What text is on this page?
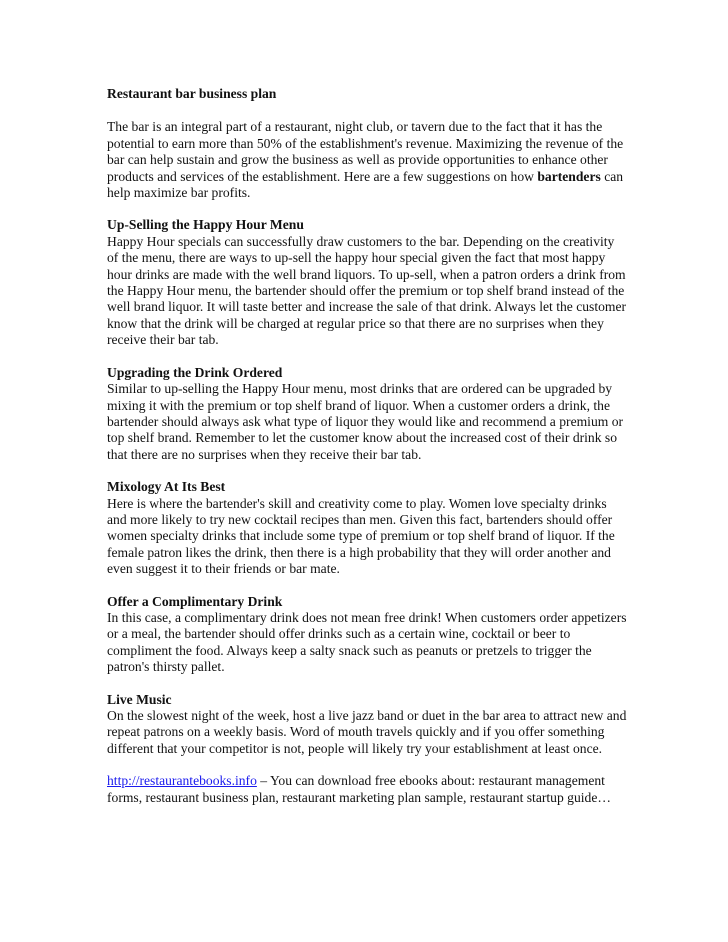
Restaurant bar business plan

The bar is an integral part of a restaurant, night club, or tavern due to the fact that it has the potential to earn more than 50% of the establishment's revenue. Maximizing the revenue of the bar can help sustain and grow the business as well as provide opportunities to enhance other products and services of the establishment. Here are a few suggestions on how bartenders can help maximize bar profits.

Up-Selling the Happy Hour Menu
Happy Hour specials can successfully draw customers to the bar. Depending on the creativity of the menu, there are ways to up-sell the happy hour special given the fact that most happy hour drinks are made with the well brand liquors. To up-sell, when a patron orders a drink from the Happy Hour menu, the bartender should offer the premium or top shelf brand instead of the well brand liquor. It will taste better and increase the sale of that drink. Always let the customer know that the drink will be charged at regular price so that there are no surprises when they receive their bar tab.
Upgrading the Drink Ordered
Similar to up-selling the Happy Hour menu, most drinks that are ordered can be upgraded by mixing it with the premium or top shelf brand of liquor. When a customer orders a drink, the bartender should always ask what type of liquor they would like and recommend a premium or top shelf brand. Remember to let the customer know about the increased cost of their drink so that there are no surprises when they receive their bar tab.
Mixology At Its Best
Here is where the bartender's skill and creativity come to play. Women love specialty drinks and more likely to try new cocktail recipes than men. Given this fact, bartenders should offer women specialty drinks that include some type of premium or top shelf brand of liquor. If the female patron likes the drink, then there is a high probability that they will order another and even suggest it to their friends or bar mate.
Offer a Complimentary Drink
In this case, a complimentary drink does not mean free drink! When customers order appetizers or a meal, the bartender should offer drinks such as a certain wine, cocktail or beer to compliment the food. Always keep a salty snack such as peanuts or pretzels to trigger the patron's thirsty pallet.
Live Music
On the slowest night of the week, host a live jazz band or duet in the bar area to attract new and repeat patrons on a weekly basis. Word of mouth travels quickly and if you offer something different that your competitor is not, people will likely try your establishment at least once.

http://restaurantebooks.info – You can download free ebooks about: restaurant management forms, restaurant business plan, restaurant marketing plan sample, restaurant startup guide…
